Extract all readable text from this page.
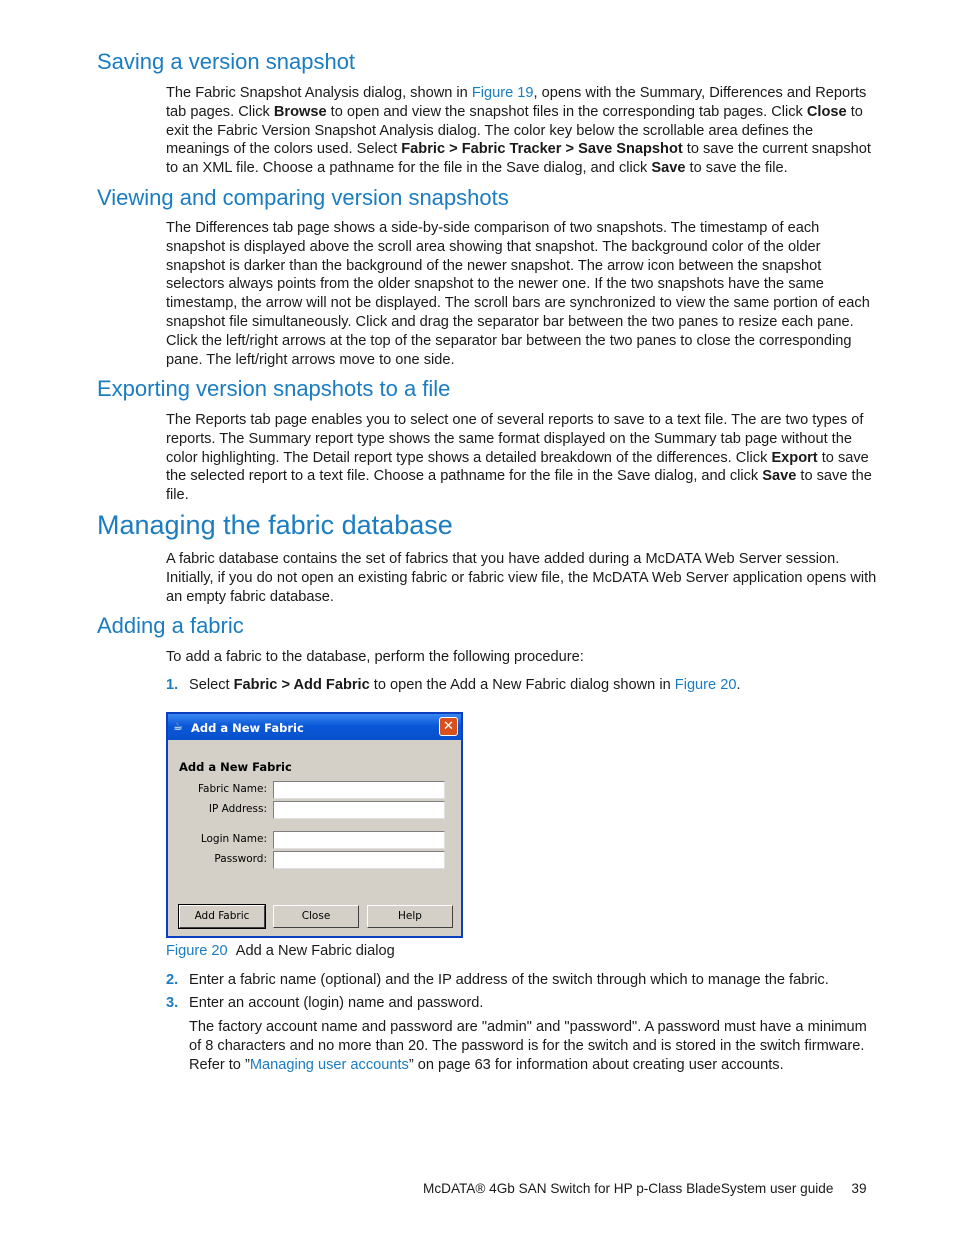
Saving a version snapshot

The Fabric Snapshot Analysis dialog, shown in Figure 19, opens with the Summary, Differences and Reports tab pages. Click Browse to open and view the snapshot files in the corresponding tab pages. Click Close to exit the Fabric Version Snapshot Analysis dialog. The color key below the scrollable area defines the meanings of the colors used. Select Fabric > Fabric Tracker > Save Snapshot to save the current snapshot to an XML file. Choose a pathname for the file in the Save dialog, and click Save to save the file.

Viewing and comparing version snapshots

The Differences tab page shows a side-by-side comparison of two snapshots. The timestamp of each snapshot is displayed above the scroll area showing that snapshot. The background color of the older snapshot is darker than the background of the newer snapshot. The arrow icon between the snapshot selectors always points from the older snapshot to the newer one. If the two snapshots have the same timestamp, the arrow will not be displayed. The scroll bars are synchronized to view the same portion of each snapshot file simultaneously. Click and drag the separator bar between the two panes to resize each pane. Click the left/right arrows at the top of the separator bar between the two panes to close the corresponding pane. The left/right arrows move to one side.

Exporting version snapshots to a file

The Reports tab page enables you to select one of several reports to save to a text file. The are two types of reports. The Summary report type shows the same format displayed on the Summary tab page without the color highlighting. The Detail report type shows a detailed breakdown of the differences. Click Export to save the selected report to a text file. Choose a pathname for the file in the Save dialog, and click Save to save the file.

Managing the fabric database

A fabric database contains the set of fabrics that you have added during a McDATA Web Server session. Initially, if you do not open an existing fabric or fabric view file, the McDATA Web Server application opens with an empty fabric database.

Adding a fabric

To add a fabric to the database, perform the following procedure:

1. Select Fabric > Add Fabric to open the Add a New Fabric dialog shown in Figure 20.
☕ Add a New Fabric	✕
Add a New Fabric
Fabric Name:
IP Address:
Login Name:
Password:
Add Fabric	Close	Help
Figure 20 Add a New Fabric dialog
2. Enter a fabric name (optional) and the IP address of the switch through which to manage the fabric.
3. Enter an account (login) name and password.

The factory account name and password are "admin" and "password". A password must have a minimum of 8 characters and no more than 20. The password is for the switch and is stored in the switch firmware. Refer to ”Managing user accounts” on page 63 for information about creating user accounts.

McDATA® 4Gb SAN Switch for HP p-Class BladeSystem user guide 39
